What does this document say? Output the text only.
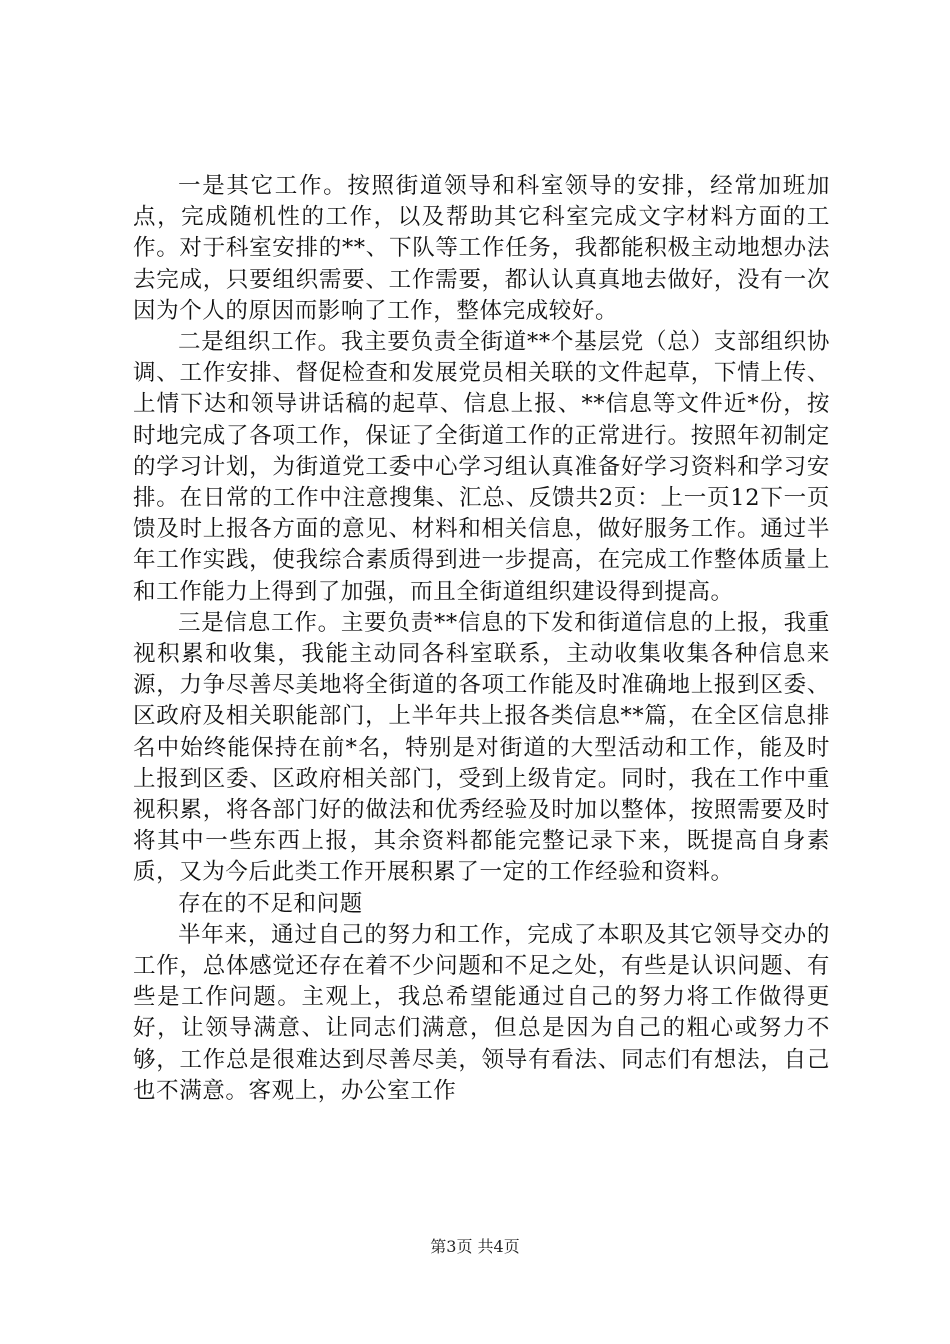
一是其它工作。按照街道领导和科室领导的安排，经常加班加点，完成随机性的工作，以及帮助其它科室完成文字材料方面的工作。对于科室安排的**、下队等工作任务，我都能积极主动地想办法去完成，只要组织需要、工作需要，都认认真真地去做好，没有一次因为个人的原因而影响了工作，整体完成较好。

二是组织工作。我主要负责全街道**个基层党（总）支部组织协调、工作安排、督促检查和发展党员相关联的文件起草，下情上传、上情下达和领导讲话稿的起草、信息上报、**信息等文件近*份，按时地完成了各项工作，保证了全街道工作的正常进行。按照年初制定的学习计划，为街道党工委中心学习组认真准备好学习资料和学习安排。在日常的工作中注意搜集、汇总、反馈共2页：上一页12下一页馈及时上报各方面的意见、材料和相关信息，做好服务工作。通过半年工作实践，使我综合素质得到进一步提高，在完成工作整体质量上和工作能力上得到了加强，而且全街道组织建设得到提高。

三是信息工作。主要负责**信息的下发和街道信息的上报，我重视积累和收集，我能主动同各科室联系，主动收集收集各种信息来源，力争尽善尽美地将全街道的各项工作能及时准确地上报到区委、区政府及相关职能部门，上半年共上报各类信息**篇，在全区信息排名中始终能保持在前*名，特别是对街道的大型活动和工作，能及时上报到区委、区政府相关部门，受到上级肯定。同时，我在工作中重视积累，将各部门好的做法和优秀经验及时加以整体，按照需要及时将其中一些东西上报，其余资料都能完整记录下来，既提高自身素质，又为今后此类工作开展积累了一定的工作经验和资料。

存在的不足和问题

半年来，通过自己的努力和工作，完成了本职及其它领导交办的工作，总体感觉还存在着不少问题和不足之处，有些是认识问题、有些是工作问题。主观上，我总希望能通过自己的努力将工作做得更好，让领导满意、让同志们满意，但总是因为自己的粗心或努力不够，工作总是很难达到尽善尽美，领导有看法、同志们有想法，自己也不满意。客观上，办公室工作

第3页 共4页
